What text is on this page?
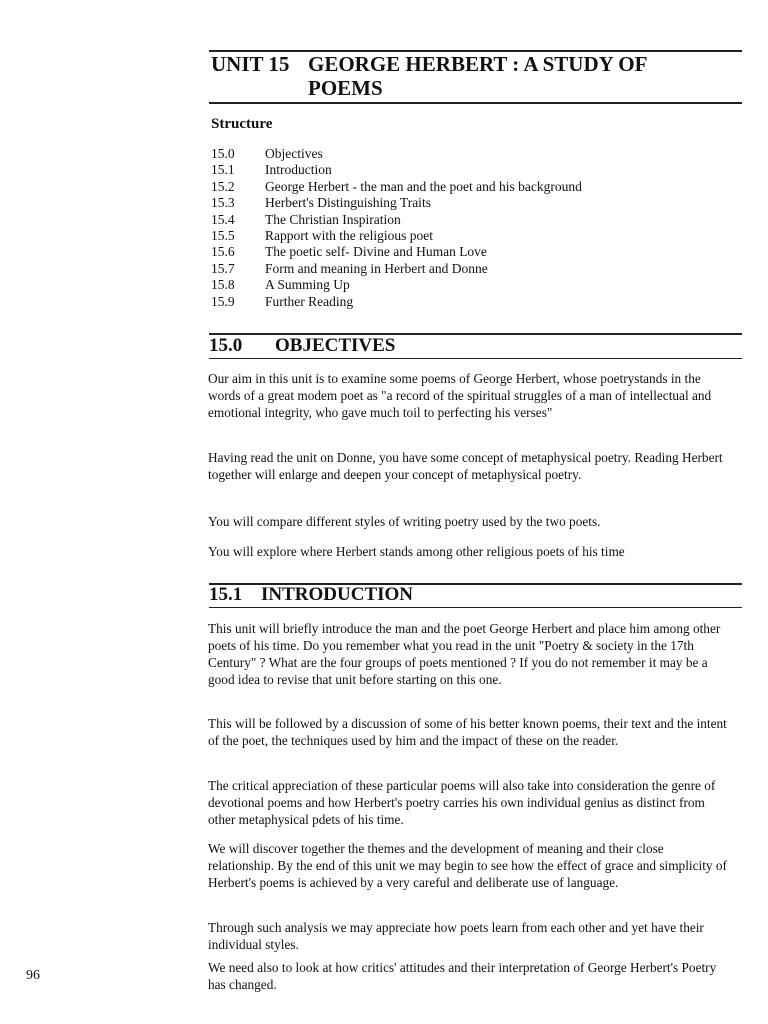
UNIT 15 GEORGE HERBERT : A STUDY OF
POEMS
Structure
15.0 Objectives
15.1 Introduction
15.2 George Herbert - the man and the poet and his background
15.3 Herbert's Distinguishing Traits
15.4 The Christian Inspiration
15.5 Rapport with the religious poet
15.6 The poetic self- Divine and Human Love
15.7 Form and meaning in Herbert and Donne
15.8 A Summing Up
15.9 Further Reading
15.0 OBJECTIVES

Our aim in this unit is to examine some poems of George Herbert, whose poetrystands in the words of a great modem poet as "a record of the spiritual struggles of a man of intellectual and emotional integrity, who gave much toil to perfecting his verses"

Having read the unit on Donne, you have some concept of metaphysical poetry. Reading Herbert together will enlarge and deepen your concept of metaphysical poetry.

You will compare different styles of writing poetry used by the two poets.

You will explore where Herbert stands among other religious poets of his time

15.1 INTRODUCTION

This unit will briefly introduce the man and the poet George Herbert and place him among other poets of his time. Do you remember what you read in the unit "Poetry & society in the 17th Century" ? What are the four groups of poets mentioned ? If you do not remember it may be a good idea to revise that unit before starting on this one.

This will be followed by a discussion of some of his better known poems, their text and the intent of the poet, the techniques used by him and the impact of these on the reader.

The critical appreciation of these particular poems will also take into consideration the genre of devotional poems and how Herbert's poetry carries his own individual genius as distinct from other metaphysical pdets of his time.

We will discover together the themes and the development of meaning and their close relationship. By the end of this unit we may begin to see how the effect of grace and simplicity of Herbert's poems is achieved by a very careful and deliberate use of language.

Through such analysis we may appreciate how poets learn from each other and yet have their individual styles.

We need also to look at how critics' attitudes and their interpretation of George Herbert's Poetry has changed.

96
